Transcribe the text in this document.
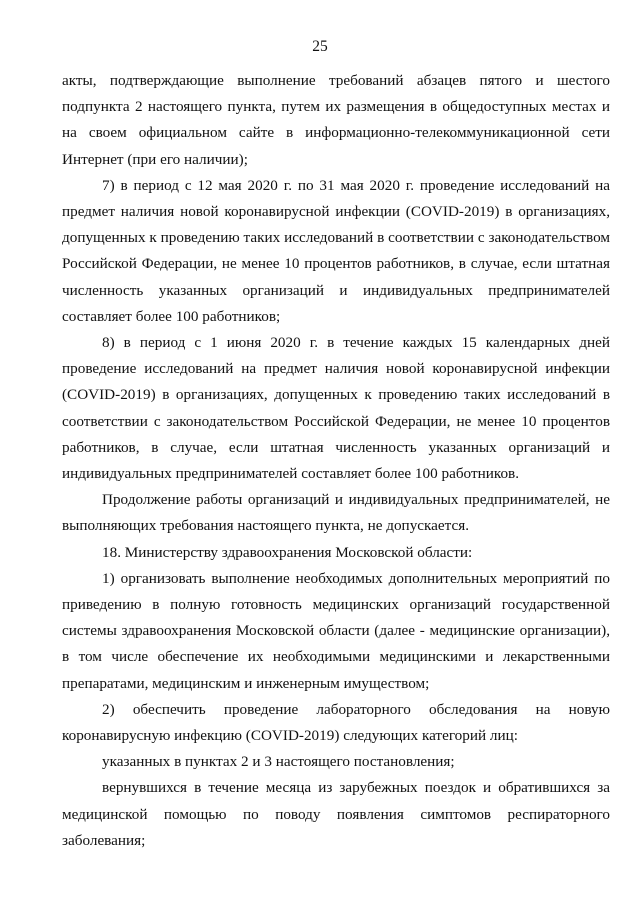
25

акты, подтверждающие выполнение требований абзацев пятого и шестого подпункта 2 настоящего пункта, путем их размещения в общедоступных местах и на своем официальном сайте в информационно-телекоммуникационной сети Интернет (при его наличии);

7) в период с 12 мая 2020 г. по 31 мая 2020 г. проведение исследований на предмет наличия новой коронавирусной инфекции (COVID-2019) в организациях, допущенных к проведению таких исследований в соответствии с законодательством Российской Федерации, не менее 10 процентов работников, в случае, если штатная численность указанных организаций и индивидуальных предпринимателей составляет более 100 работников;

8) в период с 1 июня 2020 г. в течение каждых 15 календарных дней проведение исследований на предмет наличия новой коронавирусной инфекции (COVID-2019) в организациях, допущенных к проведению таких исследований в соответствии с законодательством Российской Федерации, не менее 10 процентов работников, в случае, если штатная численность указанных организаций и индивидуальных предпринимателей составляет более 100 работников.

Продолжение работы организаций и индивидуальных предпринимателей, не выполняющих требования настоящего пункта, не допускается.

18. Министерству здравоохранения Московской области:

1) организовать выполнение необходимых дополнительных мероприятий по приведению в полную готовность медицинских организаций государственной системы здравоохранения Московской области (далее - медицинские организации), в том числе обеспечение их необходимыми медицинскими и лекарственными препаратами, медицинским и инженерным имуществом;

2) обеспечить проведение лабораторного обследования на новую коронавирусную инфекцию (COVID-2019) следующих категорий лиц:

указанных в пунктах 2 и 3 настоящего постановления;

вернувшихся в течение месяца из зарубежных поездок и обратившихся за медицинской помощью по поводу появления симптомов респираторного заболевания;
